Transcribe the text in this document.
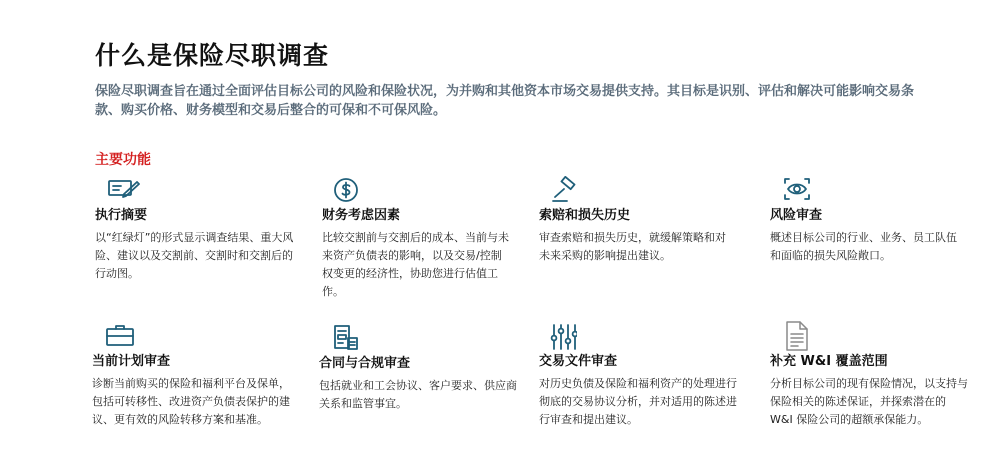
什么是保险尽职调查
保险尽职调查旨在通过全面评估目标公司的风险和保险状况，为并购和其他资本市场交易提供支持。其目标是识别、评估和解决可能影响交易条款、购买价格、财务模型和交易后整合的可保和不可保风险。
主要功能
执行摘要
以“红绿灯”的形式显示调查结果、重大风险、建议以及交割前、交割时和交割后的行动图。
财务考虑因素
比较交割前与交割后的成本、当前与未来资产负债表的影响，以及交易/控制权变更的经济性，协助您进行估值工作。
索赔和损失历史
审查索赔和损失历史，就缓解策略和对未来采购的影响提出建议。
风险审查
概述目标公司的行业、业务、员工队伍和面临的损失风险敞口。
当前计划审查
诊断当前购买的保险和福利平台及保单，包括可转移性、改进资产负债表保护的建议、更有效的风险转移方案和基准。
合同与合规审查
包括就业和工会协议、客户要求、供应商关系和监管事宜。
交易文件审查
对历史负债及保险和福利资产的处理进行彻底的交易协议分析，并对适用的陈述进行审查和提出建议。
补充 W&I 覆盖范围
分析目标公司的现有保险情况，以支持与保险相关的陈述保证，并探索潜在的 W&I 保险公司的超额承保能力。
